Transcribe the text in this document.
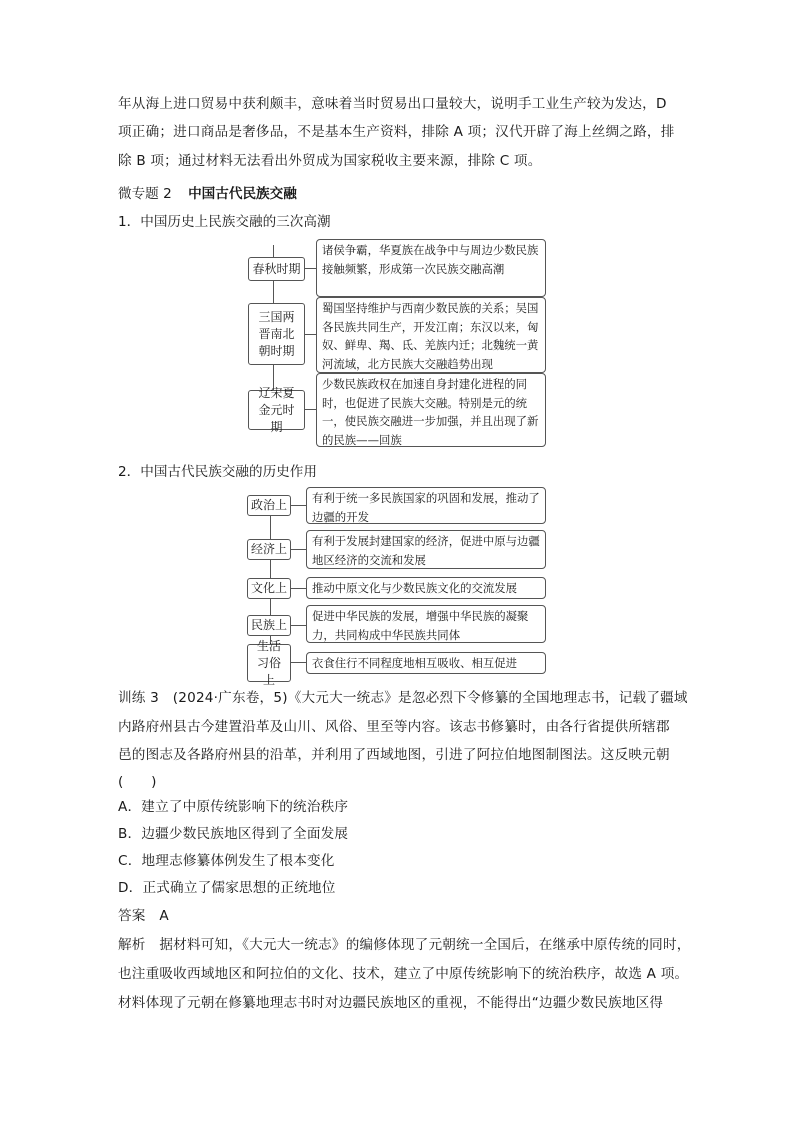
年从海上进口贸易中获利颇丰，意味着当时贸易出口量较大，说明手工业生产较为发达，D
项正确；进口商品是奢侈品，不是基本生产资料，排除 A 项；汉代开辟了海上丝绸之路，排
除 B 项；通过材料无法看出外贸成为国家税收主要来源，排除 C 项。
微专题 2 中国古代民族交融
1．中国历史上民族交融的三次高潮
春秋时期
诸侯争霸，华夏族在战争中与周边少数民族接触频繁，形成第一次民族交融高潮
三国两晋南北朝时期
蜀国坚持维护与西南少数民族的关系；吴国各民族共同生产，开发江南；东汉以来，匈奴、鲜卑、羯、氐、羌族内迁；北魏统一黄河流域，北方民族大交融趋势出现
辽宋夏金元时期
少数民族政权在加速自身封建化进程的同时，也促进了民族大交融。特别是元的统一，使民族交融进一步加强，并且出现了新的民族——回族
2．中国古代民族交融的历史作用
政治上	有利于统一多民族国家的巩固和发展，推动了边疆的开发
经济上
有利于发展封建国家的经济，促进中原与边疆地区经济的交流和发展
文化上	推动中原文化与少数民族文化的交流发展
民族上
促进中华民族的发展，增强中华民族的凝聚力，共同构成中华民族共同体
生活习俗上
衣食住行不同程度地相互吸收、相互促进
训练 3　(2024·广东卷，5)《大元大一统志》是忽必烈下令修纂的全国地理志书，记载了疆域
内路府州县古今建置沿革及山川、风俗、里至等内容。该志书修纂时，由各行省提供所辖郡
邑的图志及各路府州县的沿革，并利用了西域地图，引进了阿拉伯地图制图法。这反映元朝
(　　)
A．建立了中原传统影响下的统治秩序
B．边疆少数民族地区得到了全面发展
C．地理志修纂体例发生了根本变化
D．正式确立了儒家思想的正统地位
答案　A
解析　据材料可知，《大元大一统志》的编修体现了元朝统一全国后，在继承中原传统的同时，
也注重吸收西域地区和阿拉伯的文化、技术，建立了中原传统影响下的统治秩序，故选 A 项。
材料体现了元朝在修纂地理志书时对边疆民族地区的重视，不能得出“边疆少数民族地区得
